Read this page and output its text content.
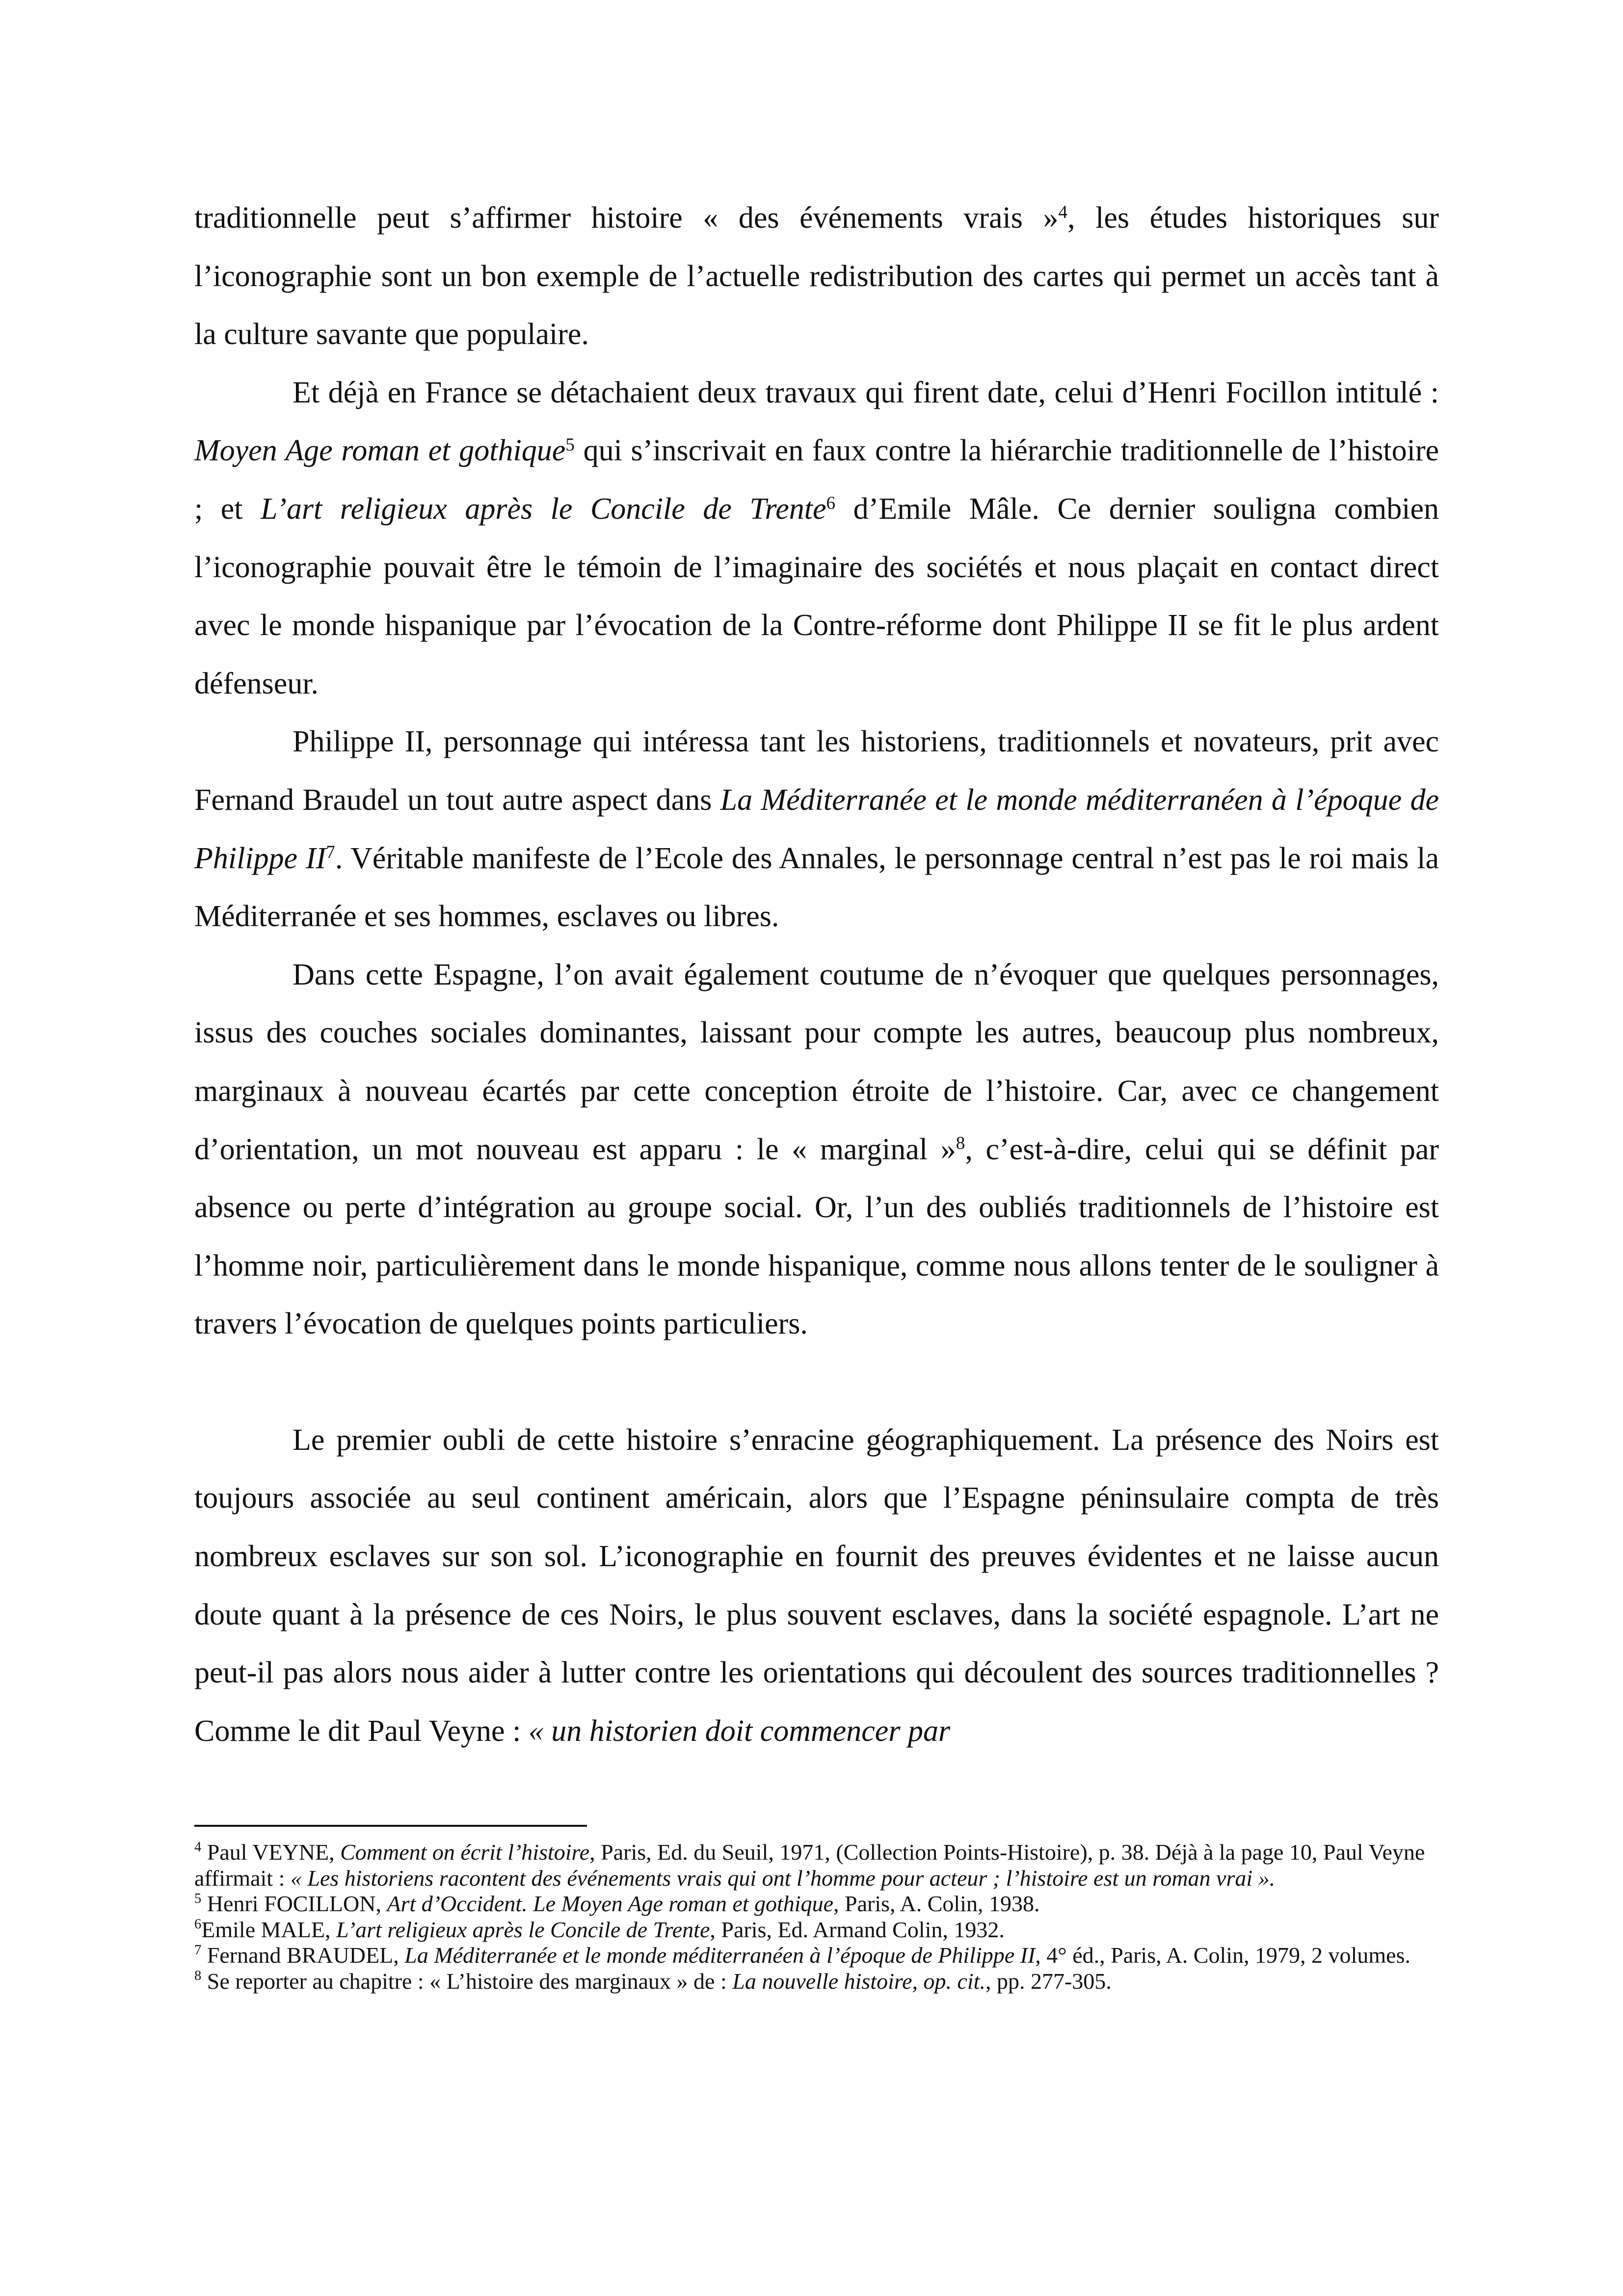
traditionnelle peut s’affirmer histoire « des événements vrais »$^4$, les études historiques sur l’iconographie sont un bon exemple de l’actuelle redistribution des cartes qui permet un accès tant à la culture savante que populaire.

Et déjà en France se détachaient deux travaux qui firent date, celui d’Henri Focillon intitulé : Moyen Age roman et gothique$^5$ qui s’inscrivait en faux contre la hiérarchie traditionnelle de l’histoire ; et L’art religieux après le Concile de Trente$^6$ d’Emile Mâle. Ce dernier souligna combien l’iconographie pouvait être le témoin de l’imaginaire des sociétés et nous plaçait en contact direct avec le monde hispanique par l’évocation de la Contre-réforme dont Philippe II se fit le plus ardent défenseur.

Philippe II, personnage qui intéressa tant les historiens, traditionnels et novateurs, prit avec Fernand Braudel un tout autre aspect dans La Méditerranée et le monde méditerranéen à l’époque de Philippe $II^7$. Véritable manifeste de l’Ecole des Annales, le personnage central n’est pas le roi mais la Méditerranée et ses hommes, esclaves ou libres.

Dans cette Espagne, l’on avait également coutume de n’évoquer que quelques personnages, issus des couches sociales dominantes, laissant pour compte les autres, beaucoup plus nombreux, marginaux à nouveau écartés par cette conception étroite de l’histoire. Car, avec ce changement d’orientation, un mot nouveau est apparu : le « marginal »$^8$, c’est-à-dire, celui qui se définit par absence ou perte d’intégration au groupe social. Or, l’un des oubliés traditionnels de l’histoire est l’homme noir, particulièrement dans le monde hispanique, comme nous allons tenter de le souligner à travers l’évocation de quelques points particuliers.

Le premier oubli de cette histoire s’enracine géographiquement. La présence des Noirs est toujours associée au seul continent américain, alors que l’Espagne péninsulaire compta de très nombreux esclaves sur son sol. L’iconographie en fournit des preuves évidentes et ne laisse aucun doute quant à la présence de ces Noirs, le plus souvent esclaves, dans la société espagnole. L’art ne peut-il pas alors nous aider à lutter contre les orientations qui découlent des sources traditionnelles ? Comme le dit Paul Veyne : « un historien doit commencer par

$^4$ Paul VEYNE, Comment on écrit l’histoire, Paris, Ed. du Seuil, 1971, (Collection Points-Histoire), p. 38. Déjà à la page 10, Paul Veyne affirmait : « Les historiens racontent des événements vrais qui ont l’homme pour acteur ; l’histoire est un roman vrai ».

$^5$ Henri FOCILLON, Art d’Occident. Le Moyen Age roman et gothique, Paris, A. Colin, 1938.

$^6$Emile MALE, L’art religieux après le Concile de Trente, Paris, Ed. Armand Colin, 1932.

$^7$ Fernand BRAUDEL, La Méditerranée et le monde méditerranéen à l’époque de Philippe II, 4° éd., Paris, A. Colin, 1979, 2 volumes.

$^8$ Se reporter au chapitre : « L’histoire des marginaux » de : La nouvelle histoire, op. cit., pp. 277-305.
